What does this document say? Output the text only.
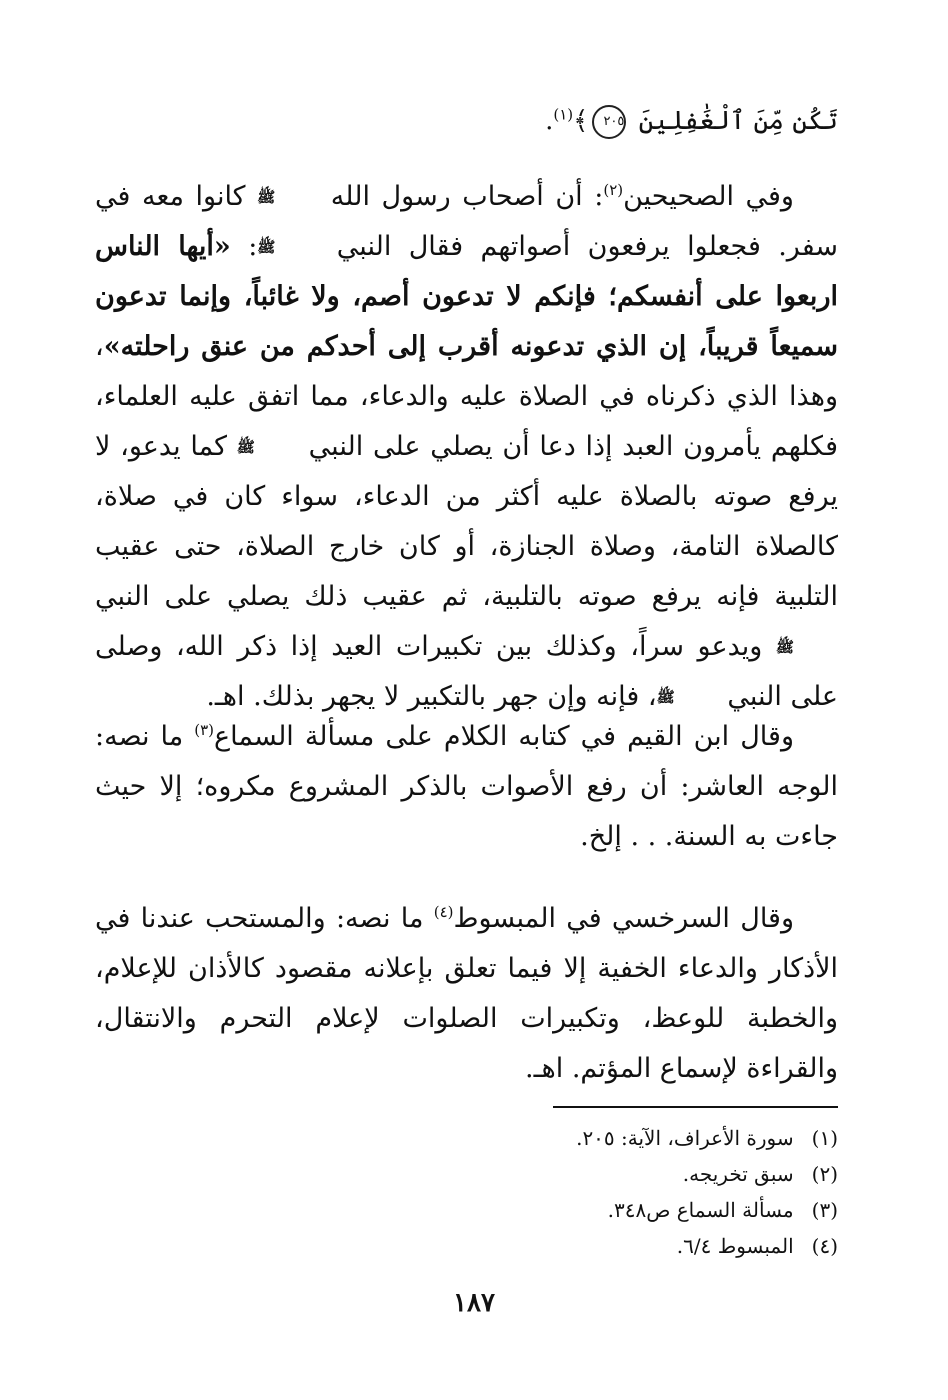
تَكُن مِّنَ ٱلْغَٰفِلِينَ ٢٠٥﴾$^{(١)}$.

وفي الصحيحين$^{(٢)}$: أن أصحاب رسول الله ﷺ كانوا معه في سفر. فجعلوا يرفعون أصواتهم فقال النبي ﷺ: «أيها الناس اربعوا على أنفسكم؛ فإنكم لا تدعون أصم، ولا غائباً، وإنما تدعون سميعاً قريباً، إن الذي تدعونه أقرب إلى أحدكم من عنق راحلته»، وهذا الذي ذكرناه في الصلاة عليه والدعاء، مما اتفق عليه العلماء، فكلهم يأمرون العبد إذا دعا أن يصلي على النبي ﷺ كما يدعو، لا يرفع صوته بالصلاة عليه أكثر من الدعاء، سواء كان في صلاة، كالصلاة التامة، وصلاة الجنازة، أو كان خارج الصلاة، حتى عقيب التلبية فإنه يرفع صوته بالتلبية، ثم عقيب ذلك يصلي على النبي ﷺ ويدعو سراً، وكذلك بين تكبيرات العيد إذا ذكر الله، وصلى على النبي ﷺ، فإنه وإن جهر بالتكبير لا يجهر بذلك. اهـ.

وقال ابن القيم في كتابه الكلام على مسألة السماع$^{(٣)}$ ما نصه: الوجه العاشر: أن رفع الأصوات بالذكر المشروع مكروه؛ إلا حيث جاءت به السنة. . . إلخ.

وقال السرخسي في المبسوط$^{(٤)}$ ما نصه: والمستحب عندنا في الأذكار والدعاء الخفية إلا فيما تعلق بإعلانه مقصود كالأذان للإعلام، والخطبة للوعظ، وتكبيرات الصلوات لإعلام التحرم والانتقال، والقراءة لإسماع المؤتم. اهـ.

(١) سورة الأعراف، الآية: ٢٠٥.
(٢) سبق تخريجه.
(٣) مسألة السماع ص٣٤٨.
(٤) المبسوط ٦/٤.
١٨٧
